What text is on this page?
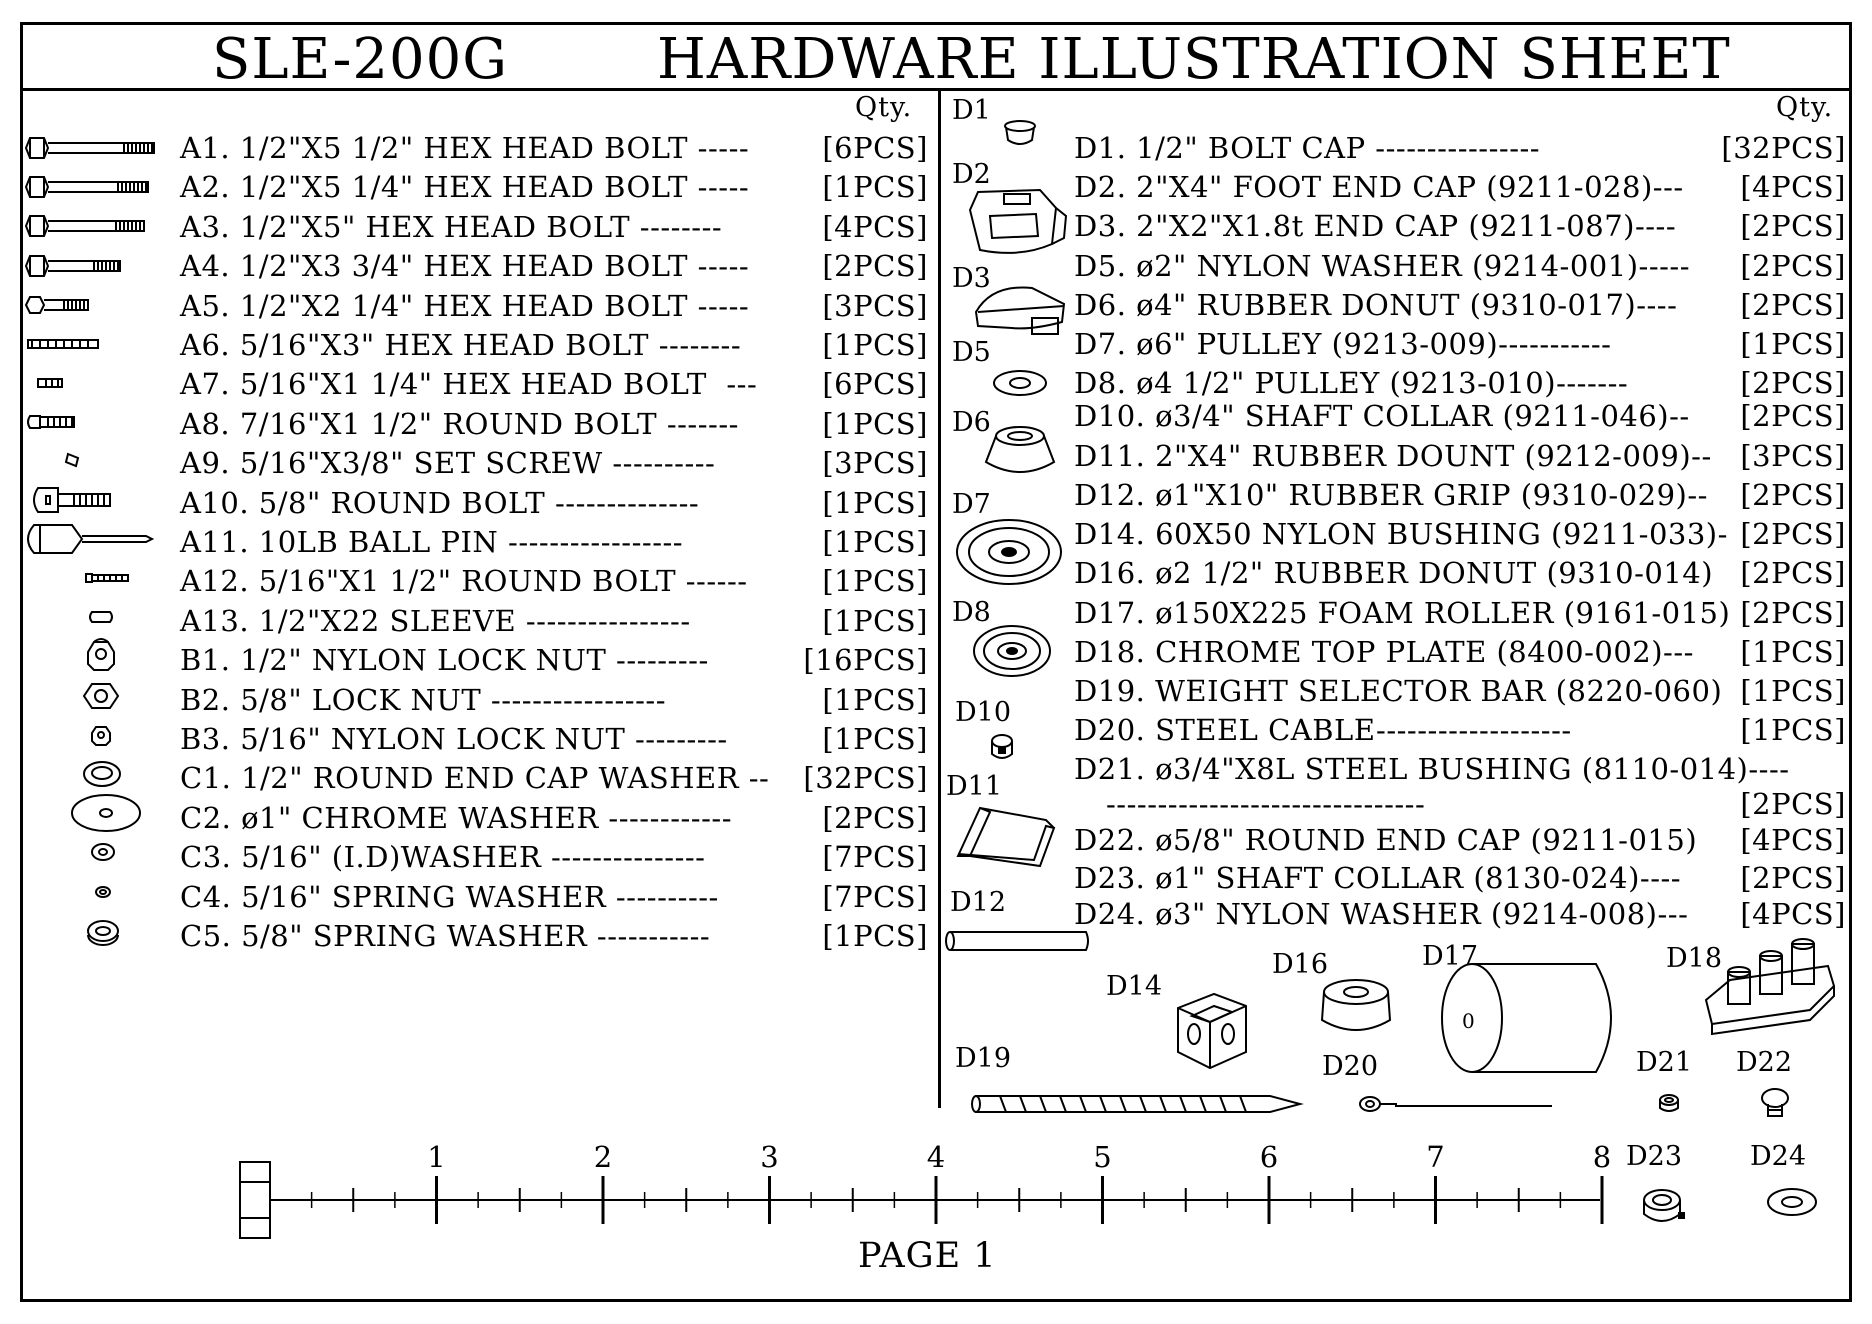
SLE-200G	HARDWARE ILLUSTRATION SHEET
Qty.	Qty.
A1. 1/2"X5 1/2" HEX HEAD BOLT -----	[6PCS]
A2. 1/2"X5 1/4" HEX HEAD BOLT -----	[1PCS]
A3. 1/2"X5" HEX HEAD BOLT --------	[4PCS]
A4. 1/2"X3 3/4" HEX HEAD BOLT -----	[2PCS]
A5. 1/2"X2 1/4" HEX HEAD BOLT -----	[3PCS]
A6. 5/16"X3" HEX HEAD BOLT --------	[1PCS]
A7. 5/16"X1 1/4" HEX HEAD BOLT  --- [6PCS]
A8. 7/16"X1 1/2" ROUND BOLT -------	[1PCS]
A9. 5/16"X3/8" SET SCREW ----------	[3PCS]
A10. 5/8" ROUND BOLT --------------	[1PCS]
A11. 10LB BALL PIN -----------------	[1PCS]
A12. 5/16"X1 1/2" ROUND BOLT ------	[1PCS]
A13. 1/2"X22 SLEEVE ----------------	[1PCS]
B1. 1/2" NYLON LOCK NUT ---------	[16PCS]
B2. 5/8" LOCK NUT -----------------	[1PCS]
B3. 5/16" NYLON LOCK NUT ---------	[1PCS]
C1. 1/2" ROUND END CAP WASHER -- [32PCS]
C2. ø1" CHROME WASHER ------------	[2PCS]
C3. 5/16" (I.D)WASHER ---------------	[7PCS]
C4. 5/16" SPRING WASHER ----------	[7PCS]
C5. 5/8" SPRING WASHER -----------	[1PCS]
D1. 1/2" BOLT CAP ----------------	[32PCS]
D2. 2"X4" FOOT END CAP (9211-028)--- [4PCS]
D3. 2"X2"X1.8t END CAP (9211-087)---- [2PCS]
D5. ø2" NYLON WASHER (9214-001)----- [2PCS]
D6. ø4" RUBBER DONUT (9310-017)---- [2PCS]
D7. ø6" PULLEY (9213-009)-----------	[1PCS]
D8. ø4 1/2" PULLEY (9213-010)-------	[2PCS]
D10. ø3/4" SHAFT COLLAR (9211-046)-- [2PCS]
D11. 2"X4" RUBBER DOUNT (9212-009)-- [3PCS]
D12. ø1"X10" RUBBER GRIP (9310-029)-- [2PCS]
D14. 60X50 NYLON BUSHING (9211-033)- [2PCS]
D16. ø2 1/2" RUBBER DONUT (9310-014) [2PCS]
D17. ø150X225 FOAM ROLLER (9161-015) [2PCS]
D18. CHROME TOP PLATE (8400-002)--- [1PCS]
D19. WEIGHT SELECTOR BAR (8220-060) [1PCS]
D20. STEEL CABLE-------------------	[1PCS]
D21. ø3/4"X8L STEEL BUSHING (8110-014)----
-------------------------------	[2PCS]
D22. ø5/8" ROUND END CAP (9211-015) [4PCS]
D23. ø1" SHAFT COLLAR (8130-024)---- [2PCS]
D24. ø3" NYLON WASHER (9214-008)--- [4PCS]
D1
D2
D3
D5
D6
D7
D8
D10
D11
D12
D14
D16	D17	D18
D19	D20	D21 D22
D23	D24
0
1	2	3	4	5	6	7	8
PAGE 1
